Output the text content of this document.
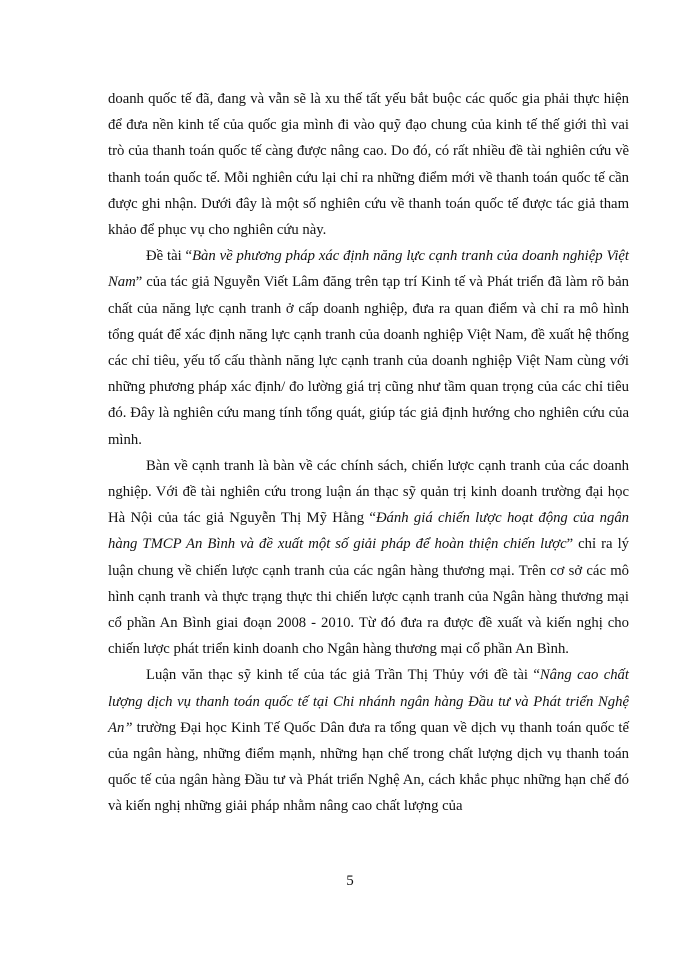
doanh quốc tế đã, đang và vẫn sẽ là xu thế tất yếu bắt buộc các quốc gia phải thực hiện để đưa nền kinh tế của quốc gia mình đi vào quỹ đạo chung của kinh tế thế giới thì vai trò của thanh toán quốc tế càng được nâng cao. Do đó, có rất nhiều đề tài nghiên cứu về thanh toán quốc tế. Mỗi nghiên cứu lại chỉ ra những điểm mới về thanh toán quốc tế cần được ghi nhận. Dưới đây là một số nghiên cứu về thanh toán quốc tế được tác giả tham khảo để phục vụ cho nghiên cứu này.

Đề tài “Bàn về phương pháp xác định năng lực cạnh tranh của doanh nghiệp Việt Nam” của tác giả Nguyễn Viết Lâm đăng trên tạp trí Kinh tế và Phát triển đã làm rõ bản chất của năng lực cạnh tranh ở cấp doanh nghiệp, đưa ra quan điểm và chỉ ra mô hình tổng quát để xác định năng lực cạnh tranh của doanh nghiệp Việt Nam, đề xuất hệ thống các chỉ tiêu, yếu tố cấu thành năng lực cạnh tranh của doanh nghiệp Việt Nam cùng với những phương pháp xác định/ đo lường giá trị cũng như tầm quan trọng của các chỉ tiêu đó. Đây là nghiên cứu mang tính tổng quát, giúp tác giả định hướng cho nghiên cứu của mình.

Bàn về cạnh tranh là bàn về các chính sách, chiến lược cạnh tranh của các doanh nghiệp. Với đề tài nghiên cứu trong luận án thạc sỹ quản trị kinh doanh trường đại học Hà Nội của tác giả Nguyễn Thị Mỹ Hằng “Đánh giá chiến lược hoạt động của ngân hàng TMCP An Bình và đề xuất một số giải pháp để hoàn thiện chiến lược” chỉ ra lý luận chung về chiến lược cạnh tranh của các ngân hàng thương mại. Trên cơ sở các mô hình cạnh tranh và thực trạng thực thi chiến lược cạnh tranh của Ngân hàng thương mại cổ phần An Bình giai đoạn 2008 - 2010. Từ đó đưa ra được đề xuất và kiến nghị cho chiến lược phát triển kinh doanh cho Ngân hàng thương mại cổ phần An Bình.

Luận văn thạc sỹ kinh tế của tác giả Trần Thị Thủy với đề tài “Nâng cao chất lượng dịch vụ thanh toán quốc tế tại Chi nhánh ngân hàng Đầu tư và Phát triển Nghệ An” trường Đại học Kinh Tế Quốc Dân đưa ra tổng quan về dịch vụ thanh toán quốc tế của ngân hàng, những điểm mạnh, những hạn chế trong chất lượng dịch vụ thanh toán quốc tế của ngân hàng Đầu tư và Phát triển Nghệ An, cách khắc phục những hạn chế đó và kiến nghị những giải pháp nhằm nâng cao chất lượng của

5
